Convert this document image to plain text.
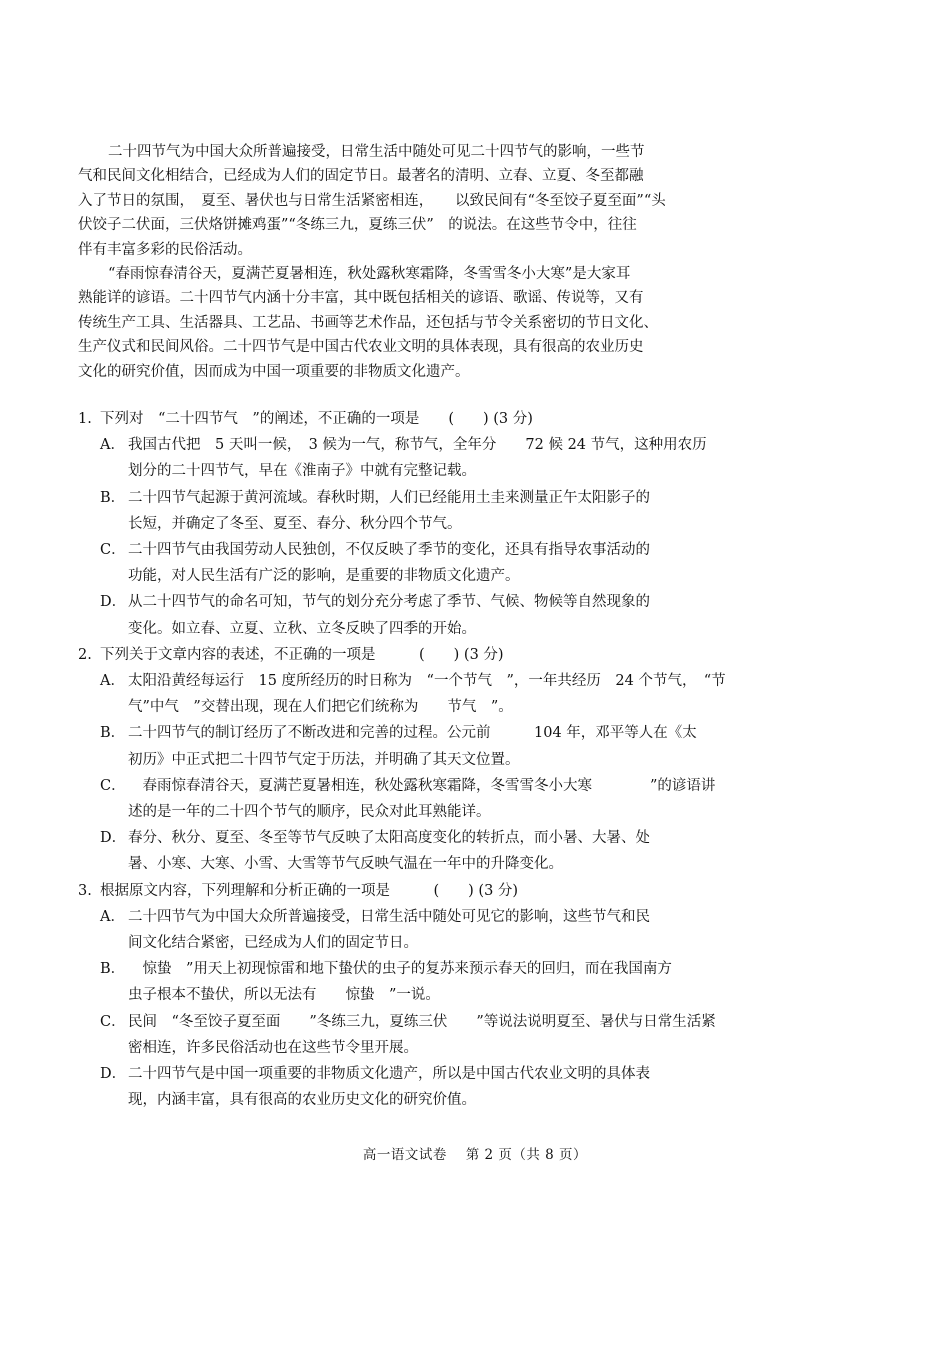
二十四节气为中国大众所普遍接受，日常生活中随处可见二十四节气的影响，一些节
气和民间文化相结合，已经成为人们的固定节日。最著名的清明、立春、立夏、冬至都融
入了节日的氛围，　夏至、暑伏也与日常生活紧密相连，　　以致民间有“冬至饺子夏至面”“头
伏饺子二伏面，三伏烙饼摊鸡蛋”“冬练三九，夏练三伏”　的说法。在这些节令中，往往
伴有丰富多彩的民俗活动。

“春雨惊春清谷天，夏满芒夏暑相连，秋处露秋寒霜降，冬雪雪冬小大寒”是大家耳
熟能详的谚语。二十四节气内涵十分丰富，其中既包括相关的谚语、歌谣、传说等，又有
传统生产工具、生活器具、工艺品、书画等艺术作品，还包括与节令关系密切的节日文化、
生产仪式和民间风俗。二十四节气是中国古代农业文明的具体表现，具有很高的农业历史
文化的研究价值，因而成为中国一项重要的非物质文化遗产。

1. 下列对　“二十四节气　”的阐述，不正确的一项是　　(　　) (3 分)
A． 我国古代把　5 天叫一候，　3 候为一气，称节气，全年分　　72 候 24 节气，这种用农历
划分的二十四节气，早在《淮南子》中就有完整记载。
B． 二十四节气起源于黄河流域。春秋时期，人们已经能用土圭来测量正午太阳影子的
长短，并确定了冬至、夏至、春分、秋分四个节气。
C． 二十四节气由我国劳动人民独创，不仅反映了季节的变化，还具有指导农事活动的
功能，对人民生活有广泛的影响，是重要的非物质文化遗产。
D． 从二十四节气的命名可知，节气的划分充分考虑了季节、气候、物候等自然现象的
变化。如立春、立夏、立秋、立冬反映了四季的开始。
2. 下列关于文章内容的表述，不正确的一项是　　　(　　) (3 分)
A． 太阳沿黄经每运行　15 度所经历的时日称为　“一个节气　”，一年共经历　24 个节气，　“节
气”中气　”交替出现，现在人们把它们统称为　　节气　”。
B． 二十四节气的制订经历了不断改进和完善的过程。公元前　　　104 年，邓平等人在《太
初历》中正式把二十四节气定于历法，并明确了其天文位置。
C．　春雨惊春清谷天，夏满芒夏暑相连，秋处露秋寒霜降，冬雪雪冬小大寒　　　　”的谚语讲
述的是一年的二十四个节气的顺序，民众对此耳熟能详。
D． 春分、秋分、夏至、冬至等节气反映了太阳高度变化的转折点，而小暑、大暑、处
暑、小寒、大寒、小雪、大雪等节气反映气温在一年中的升降变化。
3. 根据原文内容，下列理解和分析正确的一项是　　　(　　) (3 分)
A． 二十四节气为中国大众所普遍接受，日常生活中随处可见它的影响，这些节气和民
间文化结合紧密，已经成为人们的固定节日。
B．　惊蛰　”用天上初现惊雷和地下蛰伏的虫子的复苏来预示春天的回归，而在我国南方
虫子根本不蛰伏，所以无法有　　惊蛰　”一说。
C． 民间　“冬至饺子夏至面　　”冬练三九，夏练三伏　　”等说法说明夏至、暑伏与日常生活紧
密相连，许多民俗活动也在这些节令里开展。
D． 二十四节气是中国一项重要的非物质文化遗产，所以是中国古代农业文明的具体表
现，内涵丰富，具有很高的农业历史文化的研究价值。
高一语文试卷　 第 2 页（共 8 页）
